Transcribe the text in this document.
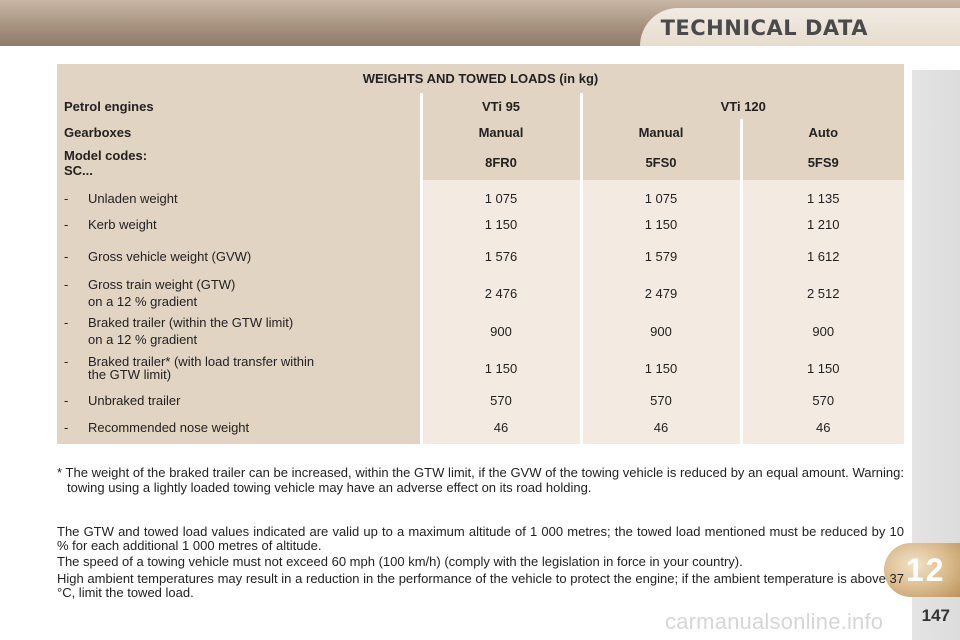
TECHNICAL DATA
12
147
WEIGHTS AND TOWED LOADS (in kg)			
Petrol engines	VTi 95	VTi 120	
Gearboxes	Manual	Manual	Auto
Model codes:
SC...	8FR0	5FS0	5FS9
- Unladen weight	1 075	1 075	1 135
- Kerb weight	1 150	1 150	1 210
- Gross vehicle weight (GVW)	1 576	1 579	1 612
- Gross train weight (GTW)
on a 12 % gradient	2 476	2 479	2 512
- Braked trailer (within the GTW limit)
on a 12 % gradient	900	900	900
- Braked trailer* (with load transfer within
the GTW limit)	1 150	1 150	1 150
- Unbraked trailer	570	570	570
- Recommended nose weight	46	46	46

* The weight of the braked trailer can be increased, within the GTW limit, if the GVW of the towing vehicle is reduced by an equal amount. Warning: towing using a lightly loaded towing vehicle may have an adverse effect on its road holding.

The GTW and towed load values indicated are valid up to a maximum altitude of 1 000 metres; the towed load mentioned must be reduced by 10 % for each additional 1 000 metres of altitude.

The speed of a towing vehicle must not exceed 60 mph (100 km/h) (comply with the legislation in force in your country).

High ambient temperatures may result in a reduction in the performance of the vehicle to protect the engine; if the ambient temperature is above 37 °C, limit the towed load.

carmanualsonline.info
